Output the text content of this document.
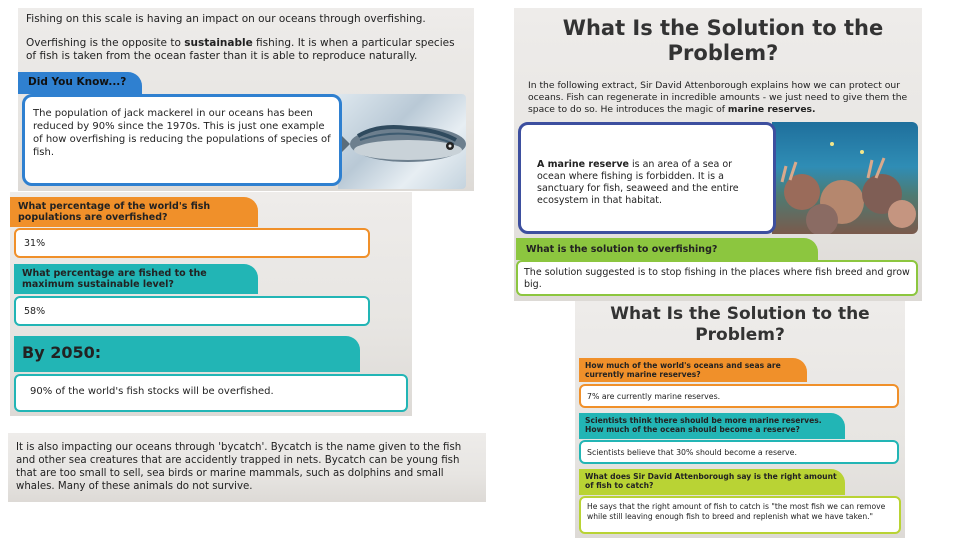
Fishing on this scale is having an impact on our oceans through overfishing.
Overfishing is the opposite to sustainable fishing. It is when a particular species of fish is taken from the ocean faster than it is able to reproduce naturally.
Did You Know...?
The population of jack mackerel in our oceans has been reduced by 90% since the 1970s. This is just one example of how overfishing is reducing the populations of species of fish.
What percentage of the world's fish populations are overfished?
31%
What percentage are fished to the maximum sustainable level?
58%
By 2050:
90% of the world's fish stocks will be overfished.
It is also impacting our oceans through 'bycatch'. Bycatch is the name given to the fish and other sea creatures that are accidently trapped in nets. Bycatch can be young fish that are too small to sell, sea birds or marine mammals, such as dolphins and small whales. Many of these animals do not survive.
What Is the Solution to the Problem?
In the following extract, Sir David Attenborough explains how we can protect our oceans. Fish can regenerate in incredible amounts - we just need to give them the space to do so. He introduces the magic of marine reserves.
A marine reserve is an area of a sea or ocean where fishing is forbidden. It is a sanctuary for fish, seaweed and the entire ecosystem in that habitat.
What is the solution to overfishing?
The solution suggested is to stop fishing in the places where fish breed and grow big.
What Is the Solution to the Problem?
How much of the world's oceans and seas are currently marine reserves?
7% are currently marine reserves.
Scientists think there should be more marine reserves. How much of the ocean should become a reserve?
Scientists believe that 30% should become a reserve.
What does Sir David Attenborough say is the right amount of fish to catch?
He says that the right amount of fish to catch is "the most fish we can remove while still leaving enough fish to breed and replenish what we have taken."
